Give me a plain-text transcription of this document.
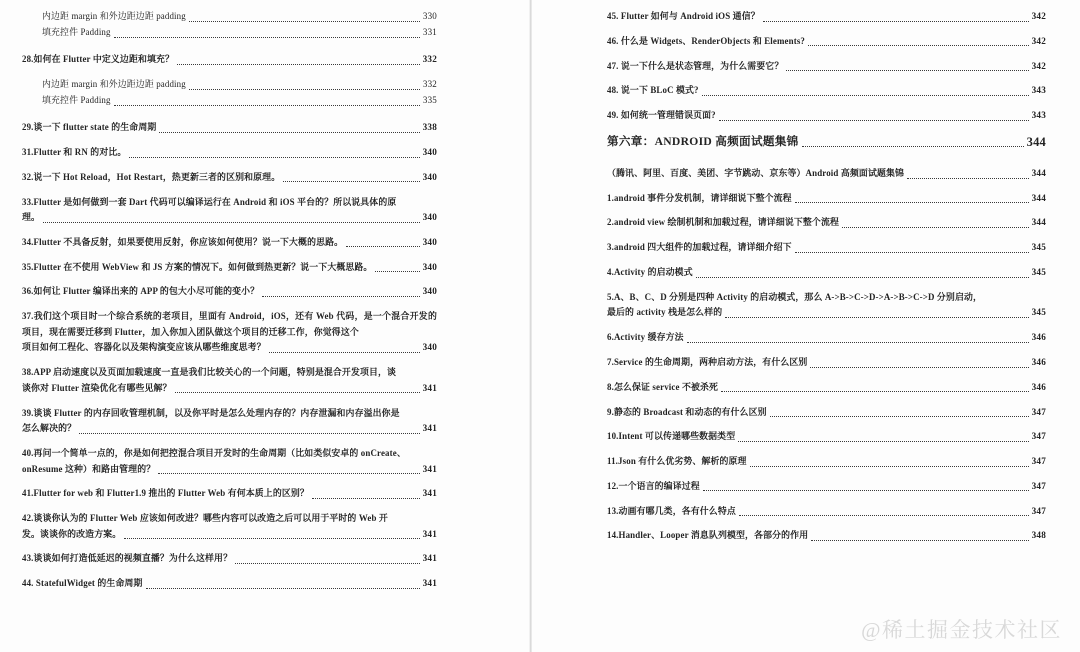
内边距 margin 和外边距边距 padding	330
填充控件 Padding	331
28.如何在 Flutter 中定义边距和填充？	332
内边距 margin 和外边距边距 padding	332
填充控件 Padding	335
29.谈一下 flutter state 的生命周期	338
31.Flutter 和 RN 的对比。	340
32.说一下 Hot Reload，Hot Restart，热更新三者的区别和原理。	340
33.Flutter 是如何做到一套 Dart 代码可以编译运行在 Android 和 iOS 平台的？所以说具体的原
理。	340
34.Flutter 不具备反射，如果要使用反射，你应该如何使用？说一下大概的思路。	340
35.Flutter 在不使用 WebView 和 JS 方案的情况下。如何做到热更新？说一下大概思路。	340
36.如何让 Flutter 编译出来的 APP 的包大小尽可能的变小？	340
37.我们这个项目时一个综合系统的老项目，里面有 Android，iOS，还有 Web 代码，是一个混合开发的项目，现在需要迁移到 Flutter，加入你加入团队做这个项目的迁移工作，你觉得这个
项目如何工程化、容器化以及架构演变应该从哪些维度思考？	340
38.APP 启动速度以及页面加载速度一直是我们比较关心的一个问题，特别是混合开发项目，谈
谈你对 Flutter 渲染优化有哪些见解？	341
39.谈谈 Flutter 的内存回收管理机制，以及你平时是怎么处理内存的？内存泄漏和内存溢出你是
怎么解决的？	341
40.再问一个简单一点的，你是如何把控混合项目开发时的生命周期（比如类似安卓的 onCreate、
onResume 这种）和路由管理的？	341
41.Flutter for web 和 Flutter1.9 推出的 Flutter Web 有何本质上的区别？	341
42.谈谈你认为的 Flutter Web 应该如何改进？哪些内容可以改造之后可以用于平时的 Web 开
发。谈谈你的改造方案。	341
43.谈谈如何打造低延迟的视频直播？为什么这样用？	341
44. StatefulWidget 的生命周期	341
45. Flutter 如何与 Android iOS 通信？	342
46. 什么是 Widgets、RenderObjects 和 Elements?	342
47. 说一下什么是状态管理，为什么需要它？	342
48. 说一下 BLoC 模式?	343
49. 如何统一管理错误页面?	343
第六章：ANDROID 高频面试题集锦	344
（腾讯、阿里、百度、美团、字节跳动、京东等）Android 高频面试题集锦	344
1.android 事件分发机制，请详细说下整个流程	344
2.android view 绘制机制和加载过程，请详细说下整个流程	344
3.android 四大组件的加载过程，请详细介绍下	345
4.Activity 的启动模式	345
5.A、B、C、D 分别是四种 Activity 的启动模式，那么 A->B->C->D->A->B->C->D 分别启动，
最后的 activity 栈是怎么样的	345
6.Activity 缓存方法	346
7.Service 的生命周期，两种启动方法，有什么区别	346
8.怎么保证 service 不被杀死	346
9.静态的 Broadcast 和动态的有什么区别	347
10.Intent 可以传递哪些数据类型	347
11.Json 有什么优劣势、解析的原理	347
12.一个语言的编译过程	347
13.动画有哪几类，各有什么特点	347
14.Handler、Looper 消息队列模型，各部分的作用	348
@稀土掘金技术社区
